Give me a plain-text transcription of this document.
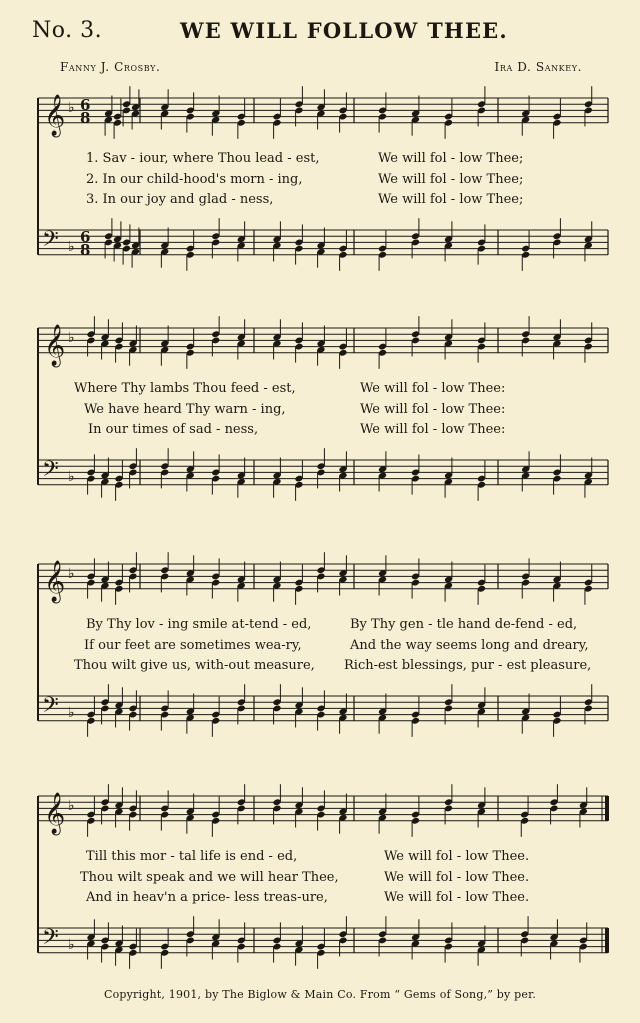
No. 3.	WE WILL FOLLOW THEE.
Fanny J. Crosby.	Ira D. Sankey.
𝄞
𝄢
♭
♭
6
6
8
8
1. Sav - iour, where Thou lead - est,	We will fol - low Thee;
2. In our child-hood's morn - ing,	We will fol - low Thee;
3. In our joy and glad - ness,	We will fol - low Thee;
𝄞
𝄢
♭
♭
Where Thy lambs Thou feed - est,	We will fol - low Thee:
We have heard Thy warn - ing,	We will fol - low Thee:
In our times of sad - ness,	We will fol - low Thee:
𝄞
𝄢
♭
♭
By Thy lov - ing smile at-tend - ed,	By Thy gen - tle hand de-fend - ed,
If our feet are sometimes wea-ry,	And the way seems long and dreary,
Thou wilt give us, with-out measure, Rich-est blessings, pur - est pleasure,
𝄞
𝄢
♭
♭
Till this mor - tal life is end - ed,	We will fol - low Thee.
Thou wilt speak and we will hear Thee,	We will fol - low Thee.
And in heav'n a price- less treas-ure,	We will fol - low Thee.
Copyright, 1901, by The Biglow & Main Co. From “ Gems of Song,” by per.
